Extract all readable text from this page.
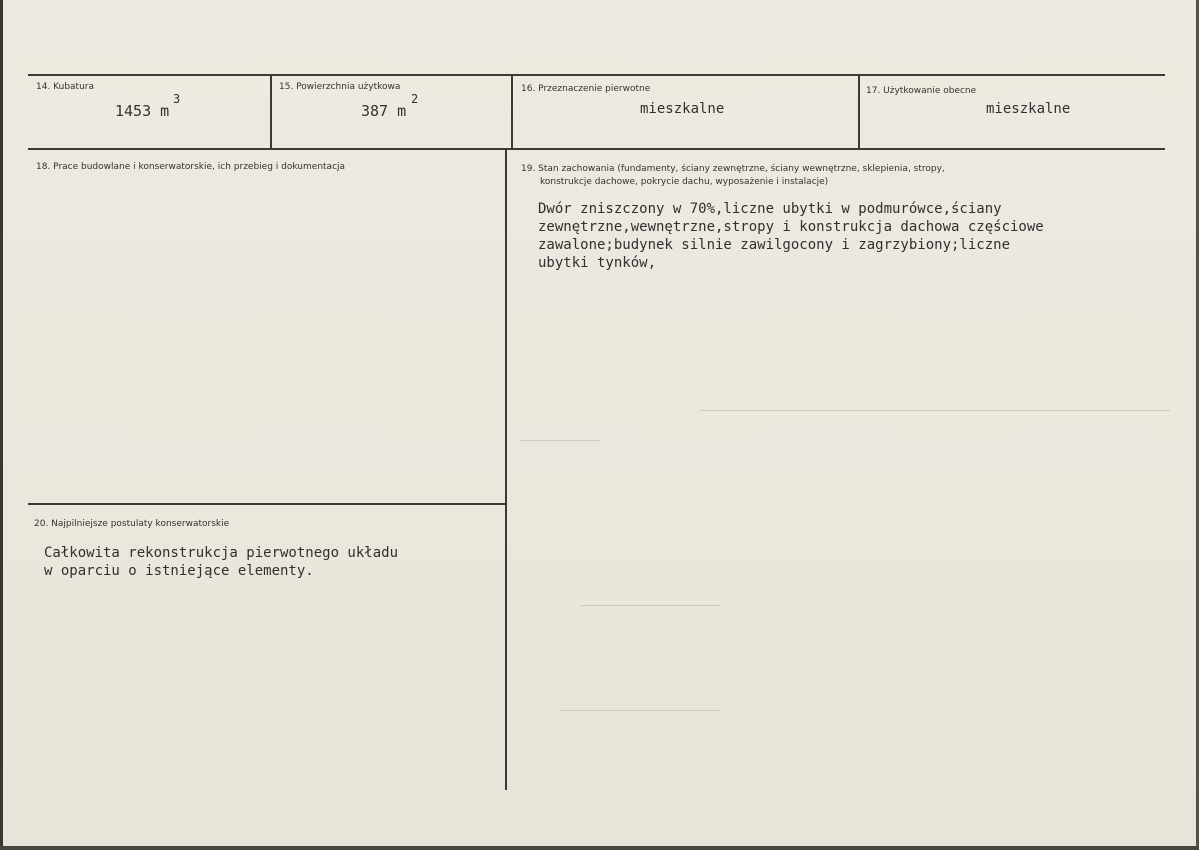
14. Kubatura
1453 m
3
15. Powierzchnia użytkowa
387 m
2
16. Przeznaczenie pierwotne
mieszkalne
17. Użytkowanie obecne
mieszkalne
18. Prace budowlane i konserwatorskie, ich przebieg i dokumentacja	19. Stan zachowania (fundamenty, ściany zewnętrzne, ściany wewnętrzne, sklepienia, stropy,
konstrukcje dachowe, pokrycie dachu, wyposażenie i instalacje)
Dwór zniszczony w 70%,liczne ubytki w podmurówce,ściany
zewnętrzne,wewnętrzne,stropy i konstrukcja dachowa częściowe
zawalone;budynek silnie zawilgocony i zagrzybiony;liczne
ubytki tynków,
20. Najpilniejsze postulaty konserwatorskie
Całkowita rekonstrukcja pierwotnego układu
w oparciu o istniejące elementy.
